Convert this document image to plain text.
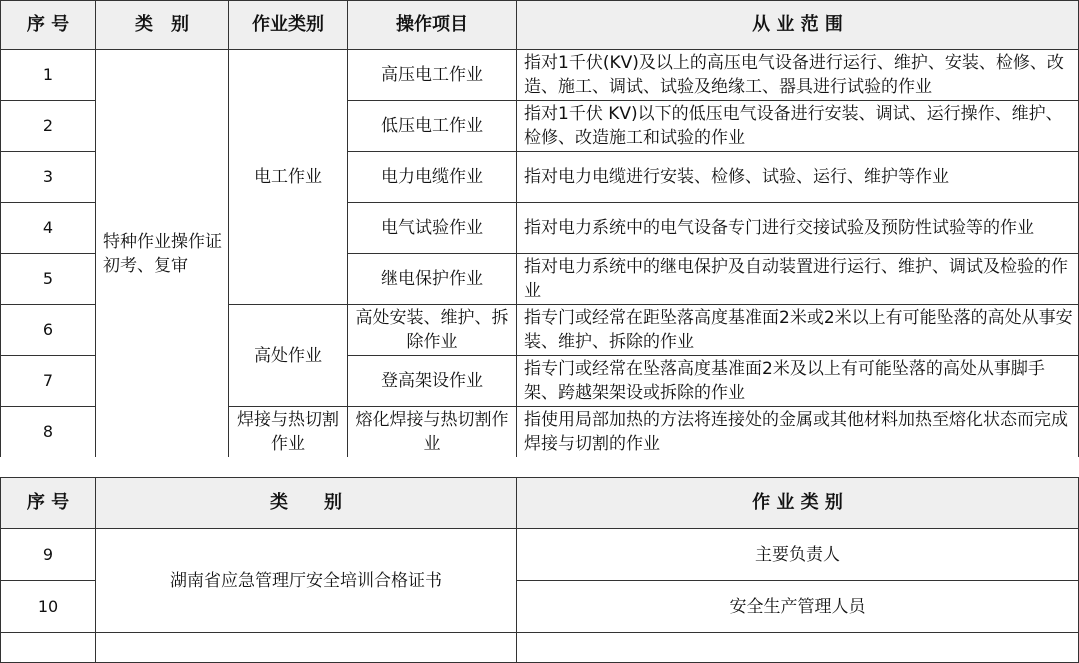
序 号	类　别	作业类别	操作项目	从 业 范 围
1	特种作业操作证初考、复审	电工作业	高压电工作业	指对1千伏(KV)及以上的高压电气设备进行运行、维护、安装、检修、改造、施工、调试、试验及绝缘工、器具进行试验的作业
2			低压电工作业	指对1千伏 KV)以下的低压电气设备进行安装、调试、运行操作、维护、检修、改造施工和试验的作业
3			电力电缆作业	指对电力电缆进行安装、检修、试验、运行、维护等作业
4			电气试验作业	指对电力系统中的电气设备专门进行交接试验及预防性试验等的作业
5			继电保护作业	指对电力系统中的继电保护及自动装置进行运行、维护、调试及检验的作业
6		高处作业	高处安装、维护、拆除作业	指专门或经常在距坠落高度基准面2米或2米以上有可能坠落的高处从事安装、维护、拆除的作业
7			登高架设作业	指专门或经常在坠落高度基准面2米及以上有可能坠落的高处从事脚手架、跨越架架设或拆除的作业
8		焊接与热切割作业	熔化焊接与热切割作业	指使用局部加热的方法将连接处的金属或其他材料加热至熔化状态而完成焊接与切割的作业
序 号	类　　别	作 业 类 别
9	湖南省应急管理厅安全培训合格证书	主要负责人
10		安全生产管理人员
